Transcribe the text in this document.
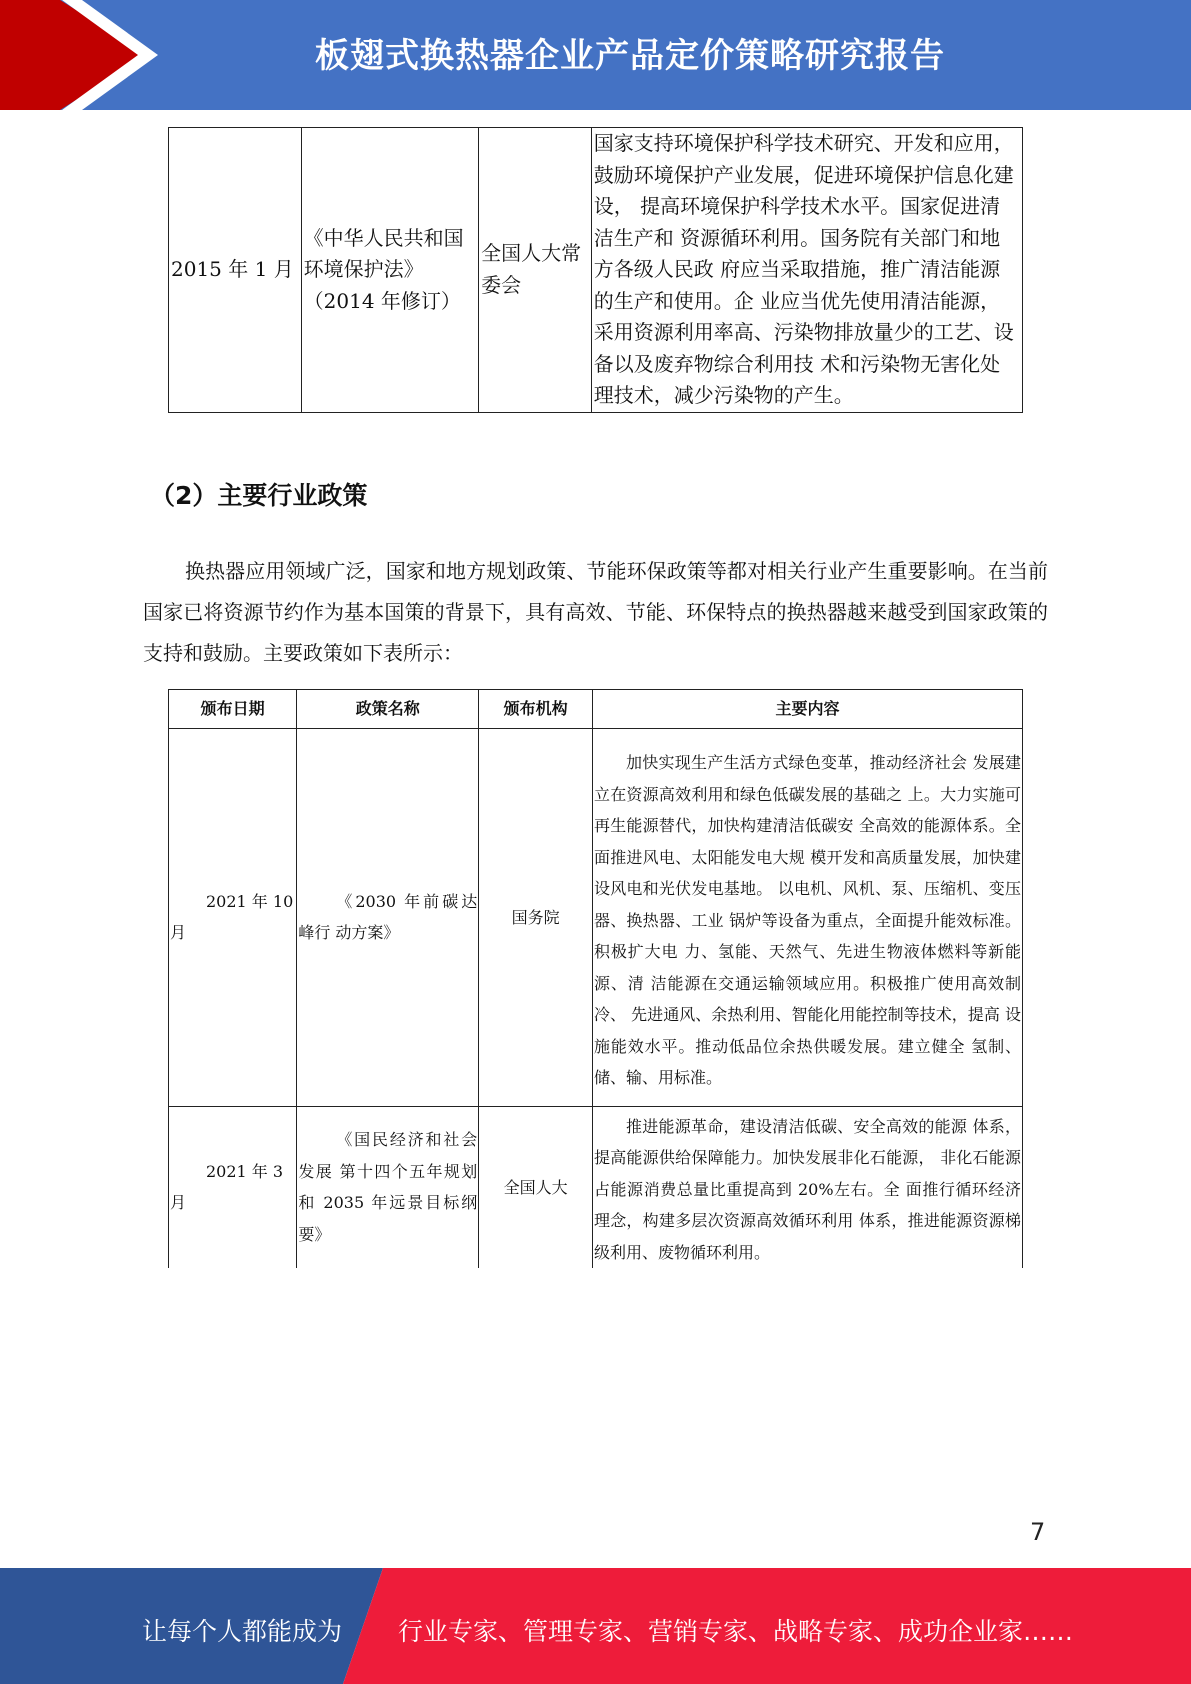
板翅式换热器企业产品定价策略研究报告
2015 年 1 月	《中华人民共和国环境保护法》（2014 年修订）	全国人大常委会	国家支持环境保护科学技术研究、开发和应用， 鼓励环境保护产业发展，促进环境保护信息化建设， 提高环境保护科学技术水平。国家促进清洁生产和 资源循环利用。国务院有关部门和地方各级人民政 府应当采取措施，推广清洁能源的生产和使用。企 业应当优先使用清洁能源，采用资源利用率高、污染物排放量少的工艺、设备以及废弃物综合利用技 术和污染物无害化处理技术，减少污染物的产生。
（2）主要行业政策
换热器应用领域广泛，国家和地方规划政策、节能环保政策等都对相关行业产生重要影响。在当前国家已将资源节约作为基本国策的背景下，具有高效、节能、环保特点的换热器越来越受到国家政策的支持和鼓励。主要政策如下表所示：
颁布日期	政策名称	颁布机构	主要内容
2021 年 10 月	《2030 年前碳达峰行 动方案》	国务院	加快实现生产生活方式绿色变革，推动经济社会 发展建立在资源高效利用和绿色低碳发展的基础之 上。大力实施可再生能源替代，加快构建清洁低碳安 全高效的能源体系。全面推进风电、太阳能发电大规 模开发和高质量发展，加快建设风电和光伏发电基地。 以电机、风机、泵、压缩机、变压器、换热器、工业 锅炉等设备为重点，全面提升能效标准。积极扩大电 力、氢能、天然气、先进生物液体燃料等新能源、清 洁能源在交通运输领域应用。积极推广使用高效制冷、 先进通风、余热利用、智能化用能控制等技术，提高 设施能效水平。推动低品位余热供暖发展。建立健全 氢制、储、输、用标准。
2021 年 3 月	《国民经济和社会发展 第十四个五年规划和 2035 年远景目标纲要》	全国人大	推进能源革命，建设清洁低碳、安全高效的能源 体系，提高能源供给保障能力。加快发展非化石能源， 非化石能源占能源消费总量比重提高到 20%左右。全 面推行循环经济理念，构建多层次资源高效循环利用 体系，推进能源资源梯级利用、废物循环利用。
7
让每个人都能成为 行业专家、管理专家、营销专家、战略专家、成功企业家……
